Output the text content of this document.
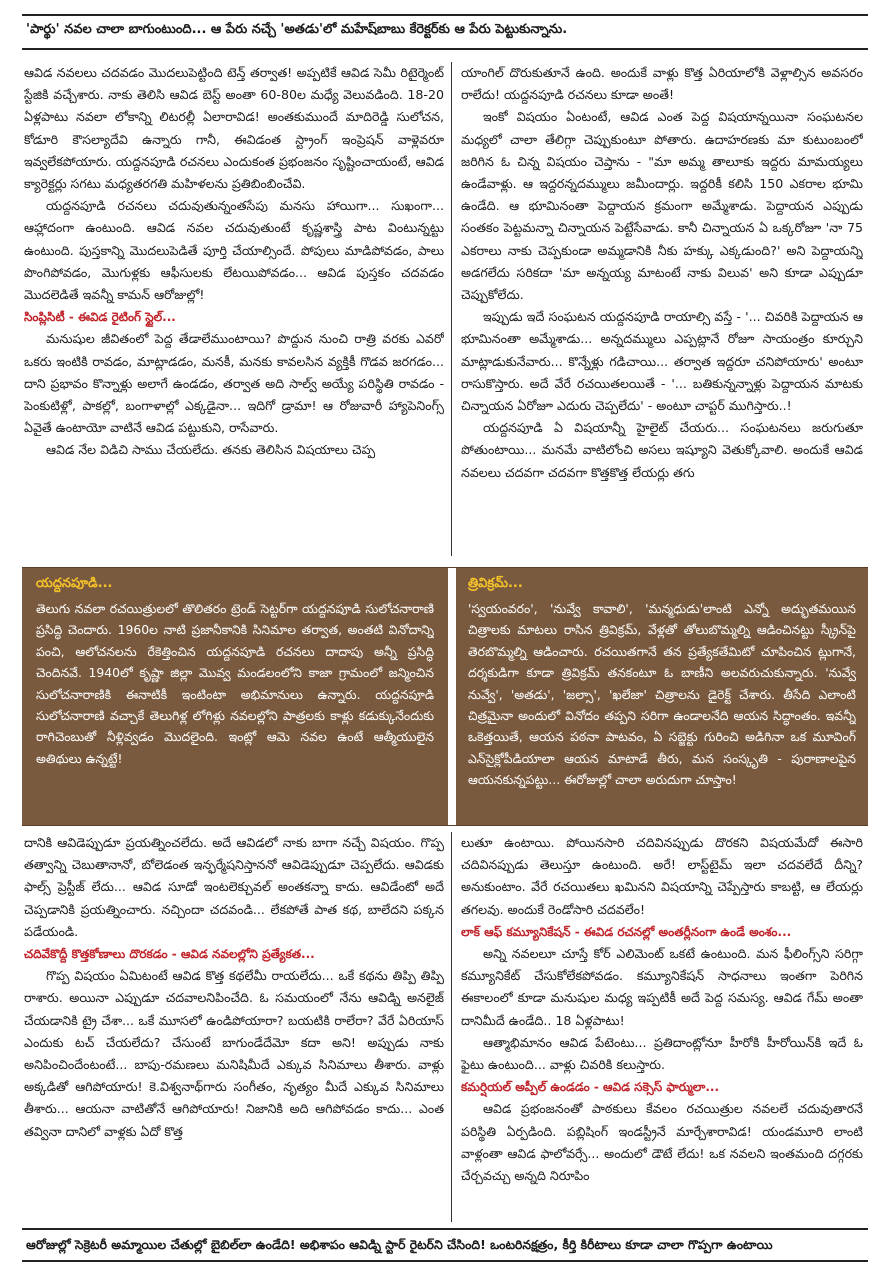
'పార్థు' నవల చాలా బాగుంటుంది... ఆ పేరు నచ్చే 'అతడు'లో మహేష్‌బాబు కేరెక్టర్‌కు ఆ పేరు పెట్టుకున్నాను.

ఆవిడ నవలలు చదవడం మొదలుపెట్టింది టెన్త్ తర్వాత! అప్పటికే ఆవిడ సెమీ రిటైర్మెంట్ స్టేజికి వచ్చేశారు. నాకు తెలిసి ఆవిడ బెస్ట్ అంతా 60-80ల మధ్యే వెలువడింది. 18-20 ఏళ్లపాటు నవలా లోకాన్ని లిటరల్లీ ఏలారావిడ! అంతకుముందే మాదిరెడ్డి సులోచన, కోడూరి కౌసల్యాదేవి ఉన్నారు గానీ, ఈవిడంత స్ట్రాంగ్ ఇంప్రెషన్ వాళ్లెవరూ ఇవ్వలేకపోయారు. యద్దనపూడి రచనలు ఎందుకంత ప్రభంజనం సృష్టించాయంటే, ఆవిడ క్యారెక్టర్లు సగటు మధ్యతరగతి మహిళలను ప్రతిబింబించేవి.

యద్దనపూడి రచనలు చదువుతున్నంతసేపు మనసు హాయిగా... సుఖంగా... ఆహ్లాదంగా ఉంటుంది. ఆవిడ నవల చదువుతుంటే కృష్ణశాస్త్రి పాట వింటున్నట్టు ఉంటుంది. పుస్తకాన్ని మొదలుపెడితే పూర్తి చేయాల్సిందే. పోపులు మాడిపోవడం, పాలు పొంగిపోవడం, మొగుళ్లకు ఆఫీసులకు లేటయిపోవడం... ఆవిడ పుస్తకం చదవడం మొదలెడితే ఇవన్నీ కామన్ ఆరోజుల్లో!

సింప్లిసిటీ - ఈవిడ రైటింగ్ స్టైల్...

మనుషుల జీవితంలో పెద్ద తేడాలేముంటాయి? పొద్దున నుంచి రాత్రి వరకు ఎవరో ఒకరు ఇంటికి రావడం, మాట్లాడడం, మనకీ, మనకు కావలసిన వ్యక్తికీ గొడవ జరగడం... దాని ప్రభావం కొన్నాళ్లు అలాగే ఉండడం, తర్వాత అది సాల్వ్ అయ్యే పరిస్థితి రావడం - పెంకుటిళ్లో, పాకల్లో, బంగాళాల్లో ఎక్కడైనా... ఇదిగో డ్రామా! ఆ రోజువారీ హ్యాపెనింగ్స్ ఏవైతే ఉంటాయో వాటినే ఆవిడ పట్టుకుని, రాసేవారు.

ఆవిడ నేల విడిచి సాము చేయలేదు. తనకు తెలిసిన విషయాలు చెప్ప

యాంగిల్ దొరుకుతూనే ఉంది. అందుకే వాళ్లు కొత్త ఏరియాలోకి వెళ్లాల్సిన అవసరం రాలేదు! యద్దనపూడి రచనలు కూడా అంతే!

ఇంకో విషయం ఏంటంటే, ఆవిడ ఎంత పెద్ద విషయాన్నయినా సంఘటనల మధ్యలో చాలా తేలిగ్గా చెప్పుకుంటూ పోతారు. ఉదాహరణకు మా కుటుంబంలో జరిగిన ఓ చిన్న విషయం చెప్తాను - "మా అమ్మ తాలూకు ఇద్దరు మామయ్యలు ఉండేవాళ్లు. ఆ ఇద్దరన్నదమ్ములు జమీందార్లు. ఇద్దరికీ కలిసి 150 ఎకరాల భూమి ఉండేది. ఆ భూమినంతా పెద్దాయన క్రమంగా అమ్మేశాడు. పెద్దాయన ఎప్పుడు సంతకం పెట్టమన్నా చిన్నాయన పెట్టేసేవాడు. కానీ చిన్నాయన ఏ ఒక్కరోజూ 'నా 75 ఎకరాలు నాకు చెప్పకుండా అమ్మడానికి నీకు హక్కు ఎక్కడుంది?' అని పెద్దాయన్ని అడగలేదు సరికదా 'మా అన్నయ్య మాటంటే నాకు విలువ' అని కూడా ఎప్పుడూ చెప్పుకోలేదు.

ఇప్పుడు ఇదే సంఘటన యద్దనపూడి రాయాల్సి వస్తే - '... చివరికి పెద్దాయన ఆ భూమినంతా అమ్మేశాడు... అన్నదమ్ములు ఎప్పట్లానే రోజూ సాయంత్రం కూర్చుని మాట్లాడుకునేవారు... కొన్నేళ్లు గడిచాయి... తర్వాత ఇద్దరూ చనిపోయారు' అంటూ రాసుకొస్తారు. అదే వేరే రచయితలయితే - '... బతికున్నన్నాళ్లు పెద్దాయన మాటకు చిన్నాయన ఏరోజూ ఎదురు చెప్పలేదు' - అంటూ చాప్టర్ ముగిస్తారు..!

యద్దనపూడి ఏ విషయాన్నీ హైలైట్ చేయరు... సంఘటనలు జరుగుతూ పోతుంటాయి... మనమే వాటిలోంచి అసలు ఇష్యూని వెతుక్కోవాలి. అందుకే ఆవిడ నవలలు చదవగా చదవగా కొత్తకొత్త లేయర్లు తగు

యద్దనపూడి...
తెలుగు నవలా రచయిత్రులలో తొలితరం ట్రెండ్ సెట్టర్‌గా యద్దనపూడి సులోచనారాణి ప్రసిద్ధి చెందారు. 1960ల నాటి ప్రజానీకానికి సినిమాల తర్వాత, అంతటి వినోదాన్ని పంచి, ఆలోచనలను రేకెత్తించిన యద్దనపూడి రచనలు దాదాపు అన్నీ ప్రసిద్ధి చెందినవే. 1940లో కృష్ణా జిల్లా మొవ్వ మండలంలోని కాజా గ్రామంలో జన్మించిన సులోచనారాణికి ఈనాటికీ ఇంటింటా అభిమానులు ఉన్నారు. యద్దనపూడి సులోచనారాణి వచ్చాకే తెలుగిళ్ల లోగిళ్లు నవలల్లోని పాత్రలకు కాళ్లు కడుక్కునేందుకు రాగిచెంబుతో నీళ్లివ్వడం మొదలైంది. ఇంట్లో ఆమె నవల ఉంటే ఆత్మీయులైన అతిథులు ఉన్నట్టే!
త్రివిక్రమ్...
'స్వయంవరం', 'నువ్వే కావాలి', 'మన్మధుడు'లాంటి ఎన్నో అద్భుతమయిన చిత్రాలకు మాటలు రాసిన త్రివిక్రమ్, వేళ్లతో తోలుబొమ్మల్ని ఆడించినట్టు స్క్రీన్‌పై తెరబొమ్మల్ని ఆడించారు. రచయితగానే తన ప్రత్యేకతేమిటో చూపించిన ట్లుగానే, దర్శకుడిగా కూడా త్రివిక్రమ్ తనకంటూ ఓ బాణీని అలవరుచుకున్నారు. 'నువ్వే నువ్వే', 'అతడు', 'జల్సా', 'ఖలేజా' చిత్రాలను డైరెక్ట్ చేశారు. తీసేది ఎలాంటి చిత్రమైనా అందులో వినోదం తప్పని సరిగా ఉండాలనేది ఆయన సిద్ధాంతం. ఇవన్నీ ఒకెత్తయితే, ఆయన పఠనా పాటవం, ఏ సబ్జెక్టు గురించి అడిగినా ఒక మూవింగ్ ఎన్‌సైక్లోపీడియాలా ఆయన మాటాడే తీరు, మన సంస్కృతి - పురాణాలపైన ఆయనకున్నపట్టు... ఈరోజుల్లో చాలా అరుదుగా చూస్తాం!

దానికి ఆవిడెప్పుడూ ప్రయత్నించలేదు. అదే ఆవిడలో నాకు బాగా నచ్చే విషయం. గొప్ప తత్వాన్ని చెబుతానానో, బోలెడంత ఇన్ఫర్మేషనిస్తాననో ఆవిడెప్పుడూ చెప్పలేదు. ఆవిడకు ఫాల్స్ ప్రెస్టీజ్ లేదు... ఆవిడ సూడో ఇంటలెక్చువల్ అంతకన్నా కాదు. ఆవిడేంటో అదే చెప్పడానికి ప్రయత్నించారు. నచ్చిందా చదవండి... లేకపోతే పాత కథ, బాలేదని పక్కన పడేయండి.

చదివేకొద్దీ కొత్తకోణాలు దొరకడం - ఆవిడ నవలల్లోని ప్రత్యేకత...

గొప్ప విషయం ఏమిటంటే ఆవిడ కొత్త కథలేమీ రాయలేదు... ఒకే కథను తిప్పి తిప్పి రాశారు. అయినా ఎప్పుడూ చదవాలనిపించేది. ఓ సమయంలో నేను ఆవిడ్ని అనలైజ్ చేయడానికి ట్రై చేశా... ఒకే మూసలో ఉండిపోయారా? బయటికి రాలేరా? వేరే ఏరియాస్ ఎందుకు టచ్ చేయలేదు? చేసుంటే బాగుండేదేమో కదా అని! అప్పుడు నాకు అనిపించిందేంటంటే... బాపు-రమణలు మనిషిమీదే ఎక్కువ సినిమాలు తీశారు. వాళ్లు అక్కడితో ఆగిపోయారు! కె.విశ్వనాథ్‌గారు సంగీతం, నృత్యం మీదే ఎక్కువ సినిమాలు తీశారు... ఆయనా వాటితోనే ఆగిపోయారు! నిజానికి అది ఆగిపోవడం కాదు... ఎంత తవ్వినా దానిలో వాళ్లకు ఏదో కొత్త

లుతూ ఉంటాయి. పోయినసారి చదివినప్పుడు దొరకని విషయమేదో ఈసారి చదివినప్పుడు తెలుస్తూ ఉంటుంది. అరే! లాస్ట్‌టైమ్ ఇలా చదవలేదే దీన్ని? అనుకుంటాం. వేరే రచయితలు ఖమినని విషయాన్ని చెప్పేస్తారు కాబట్టి, ఆ లేయర్లు తగలవు. అందుకే రెండోసారి చదవలేం!

లాక్ ఆఫ్ కమ్యూనికేషన్ - ఈవిడ రచనల్లో అంతర్లీనంగా ఉండే అంశం...

అన్ని నవలలూ చూస్తే కోర్ ఎలిమెంట్ ఒకటే ఉంటుంది. మన ఫీలింగ్స్‌ని సరిగ్గా కమ్యూనికేట్ చేసుకోలేకపోవడం. కమ్యూనికేషన్ సాధనాలు ఇంతగా పెరిగిన ఈకాలంలో కూడా మనుషుల మధ్య ఇప్పటికీ అదే పెద్ద సమస్య. ఆవిడ గేమ్ అంతా దానిమీదే ఉండేది.. 18 ఏళ్లపాటు!

ఆత్మాభిమానం ఆవిడ పేటెంటు... ప్రతిదాంట్లోనూ హీరోకి హీరోయిన్‌కి ఇదే ఓ ఫైటు ఉంటుంది... వాళ్లు చివరికి కలుస్తారు.

కమర్షియల్ అప్పీల్ ఉండడం - ఆవిడ సక్సెస్ ఫార్ములా...

ఆవిడ ప్రభంజనంతో పాఠకులు కేవలం రచయిత్రుల నవలలే చదువుతారనే పరిస్థితి ఏర్పడింది. పబ్లిషింగ్ ఇండస్ట్రీనే మార్చేశారావిడ! యండమూరి లాంటి వాళ్లంతా ఆవిడ ఫాలోవర్సే... అందులో డౌటే లేదు! ఒక నవలని ఇంతమంది దగ్గరకు చేర్చవచ్చు అన్నది నిరూపిం

ఆరోజుల్లో సెక్రెటరీ అమ్మాయిల చేతుల్లో బైబిల్‌లా ఉండేది! అభిశాపం ఆవిడ్ని స్టార్ రైటర్‌ని చేసింది! ఒంటరినక్షత్రం, కీర్తి కిరీటాలు కూడా చాలా గొప్పగా ఉంటాయి
